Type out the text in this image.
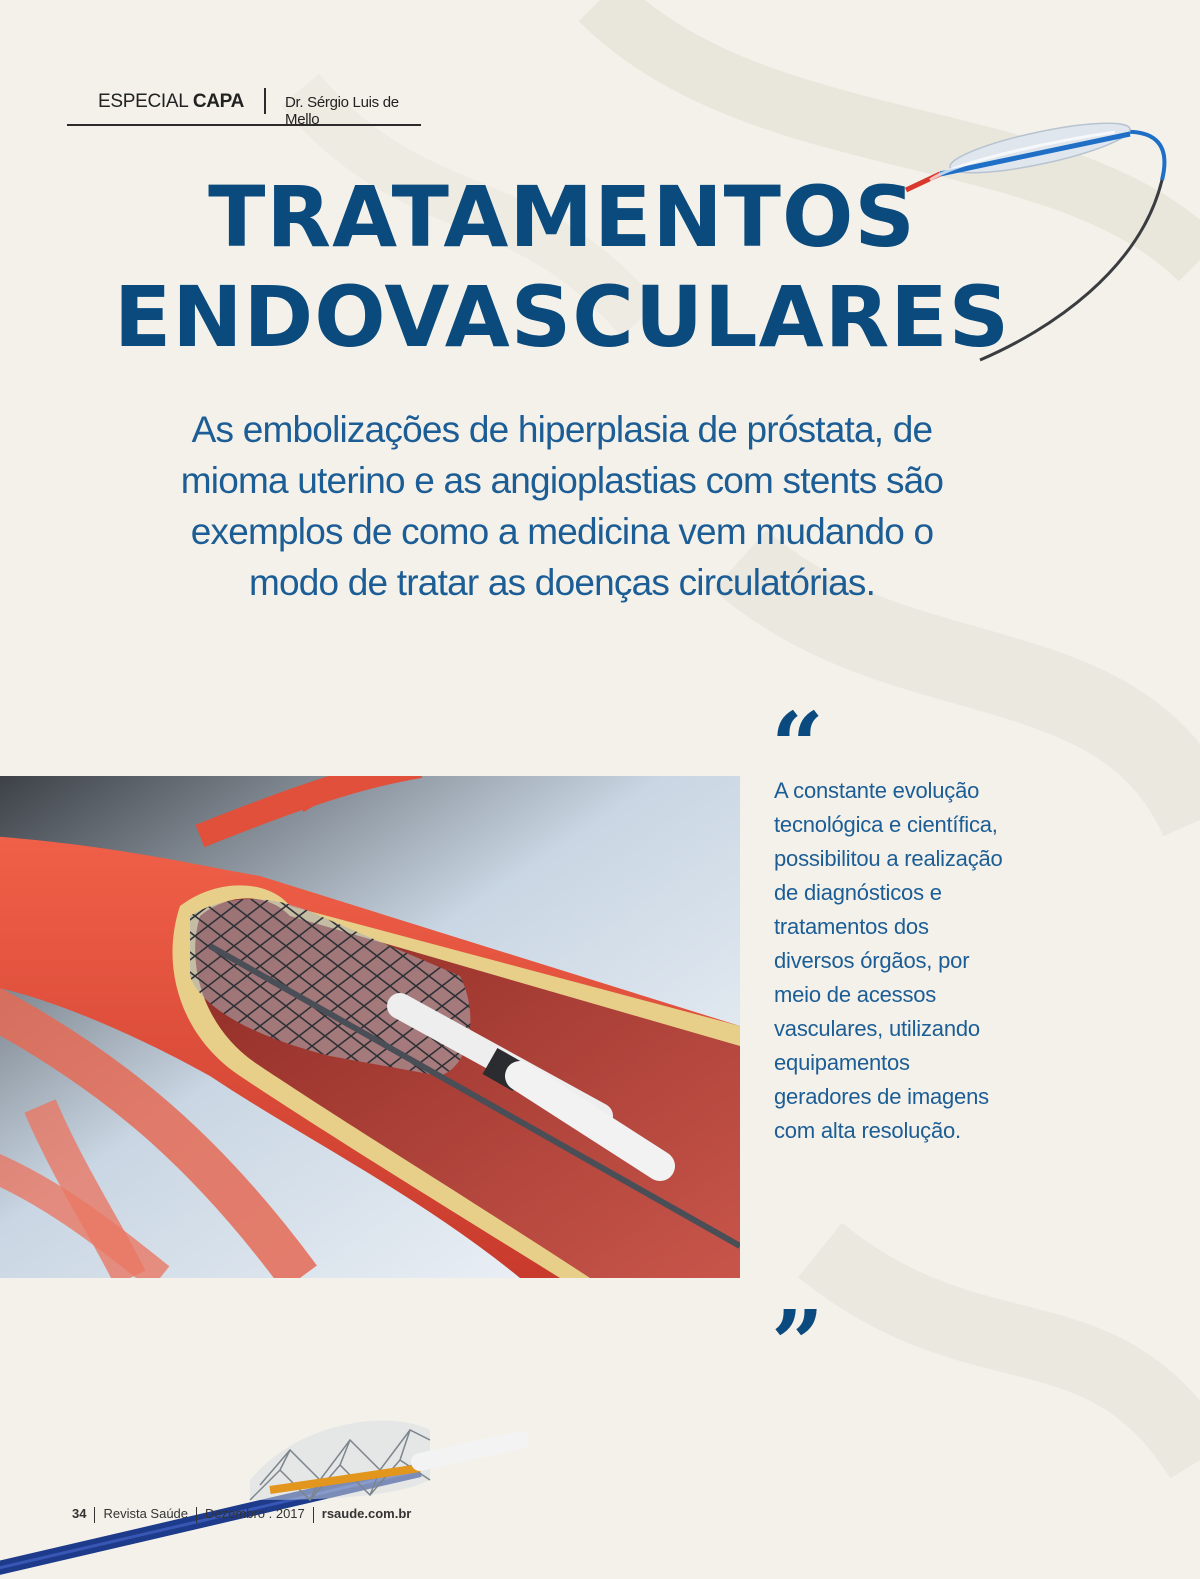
ESPECIAL CAPA	Dr. Sérgio Luis de Mello
TRATAMENTOS
ENDOVASCULARES

As embolizações de hiperplasia de próstata, de mioma uterino e as angioplastias com stents são exemplos de como a medicina vem mudando o modo de tratar as doenças circulatórias.

“
A constante evolução tecnológica e científica, possibilitou a realização de diagnósticos e tratamentos dos diversos órgãos, por meio de acessos vasculares, utilizando equipamentos geradores de imagens com alta resolução.
”
34 Revista Saúde Dezembro . 2017 rsaude.com.br
